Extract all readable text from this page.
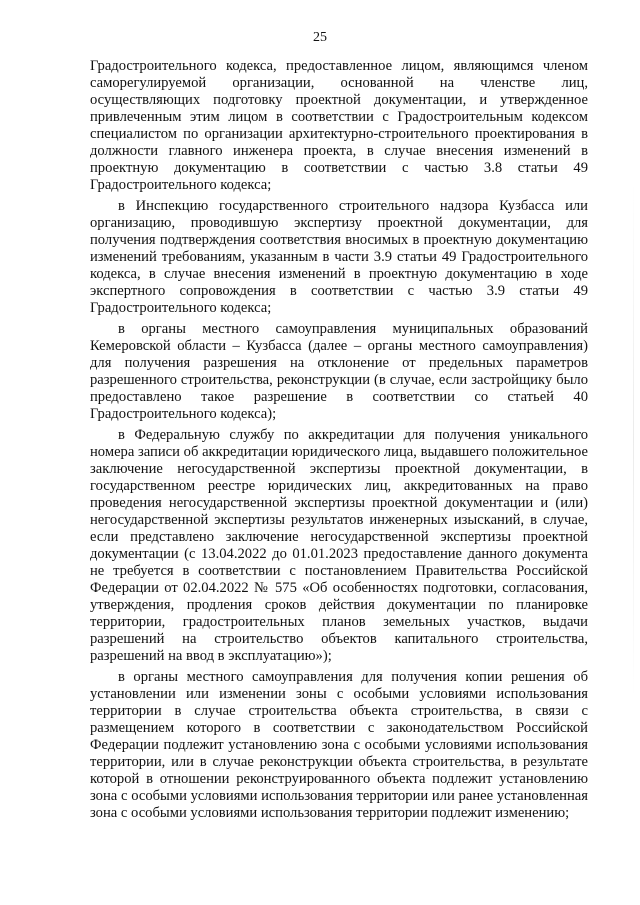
25

Градостроительного кодекса, предоставленное лицом, являющимся членом саморегулируемой организации, основанной на членстве лиц, осуществляющих подготовку проектной документации, и утвержденное привлеченным этим лицом в соответствии с Градостроительным кодексом специалистом по организации архитектурно-строительного проектирования в должности главного инженера проекта, в случае внесения изменений в проектную документацию в соответствии с частью 3.8 статьи 49 Градостроительного кодекса;

в Инспекцию государственного строительного надзора Кузбасса или организацию, проводившую экспертизу проектной документации, для получения подтверждения соответствия вносимых в проектную документацию изменений требованиям, указанным в части 3.9 статьи 49 Градостроительного кодекса, в случае внесения изменений в проектную документацию в ходе экспертного сопровождения в соответствии с частью 3.9 статьи 49 Градостроительного кодекса;

в органы местного самоуправления муниципальных образований Кемеровской области – Кузбасса (далее – органы местного самоуправления) для получения разрешения на отклонение от предельных параметров разрешенного строительства, реконструкции (в случае, если застройщику было предоставлено такое разрешение в соответствии со статьей 40 Градостроительного кодекса);

в Федеральную службу по аккредитации для получения уникального номера записи об аккредитации юридического лица, выдавшего положительное заключение негосударственной экспертизы проектной документации, в государственном реестре юридических лиц, аккредитованных на право проведения негосударственной экспертизы проектной документации и (или) негосударственной экспертизы результатов инженерных изысканий, в случае, если представлено заключение негосударственной экспертизы проектной документации (с 13.04.2022 до 01.01.2023 предоставление данного документа не требуется в соответствии с постановлением Правительства Российской Федерации от 02.04.2022 № 575 «Об особенностях подготовки, согласования, утверждения, продления сроков действия документации по планировке территории, градостроительных планов земельных участков, выдачи разрешений на строительство объектов капитального строительства, разрешений на ввод в эксплуатацию»);

в органы местного самоуправления для получения копии решения об установлении или изменении зоны с особыми условиями использования территории в случае строительства объекта строительства, в связи с размещением которого в соответствии с законодательством Российской Федерации подлежит установлению зона с особыми условиями использования территории, или в случае реконструкции объекта строительства, в результате которой в отношении реконструированного объекта подлежит установлению зона с особыми условиями использования территории или ранее установленная зона с особыми условиями использования территории подлежит изменению;
